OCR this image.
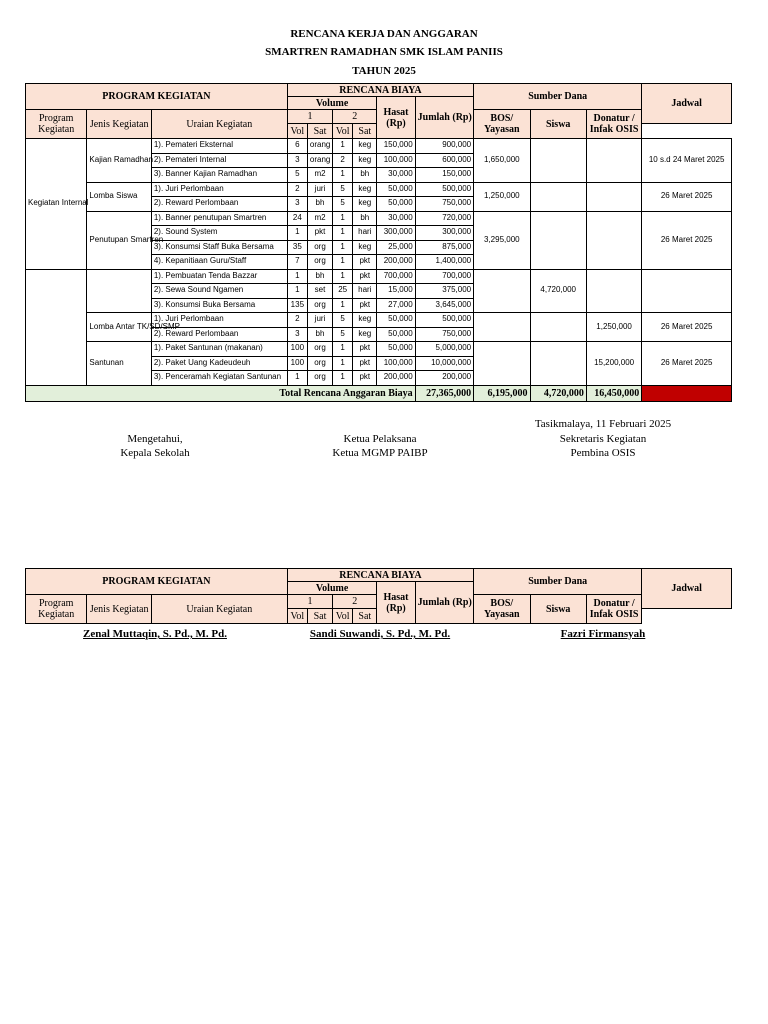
RENCANA KERJA DAN ANGGARAN
SMARTREN RAMADHAN SMK ISLAM PANIIS
TAHUN 2025
PROGRAM KEGIATAN			RENCANA BIAYA						Sumber Dana			Jadwal
			Volume				Hasat (Rp)	Jumlah (Rp)				
Program Kegiatan	Jenis Kegiatan	Uraian Kegiatan	1		2				BOS/ Yayasan	Siswa	Donatur / Infak OSIS	
			Vol	Sat	Vol	Sat						
Kegiatan Internal	Kajian Ramadhan	1). Pemateri Eksternal	6	orang	1	keg	150,000	900,000	1,650,000			10 s.d 24 Maret 2025
		2). Pemateri Internal	3	orang	2	keg	100,000	600,000				
		3). Banner Kajian Ramadhan	5	m2	1	bh	30,000	150,000				
	Lomba Siswa	1). Juri Perlombaan	2	juri	5	keg	50,000	500,000	1,250,000			26 Maret 2025
		2). Reward Perlombaan	3	bh	5	keg	50,000	750,000				
	Penutupan Smartren	1). Banner penutupan Smartren	24	m2	1	bh	30,000	720,000	3,295,000			26 Maret 2025
		2). Sound System	1	pkt	1	hari	300,000	300,000				
		3). Konsumsi Staff Buka Bersama	35	org	1	keg	25,000	875,000				
		4). Kepanitiaan Guru/Staff	7	org	1	pkt	200,000	1,400,000				
		1). Pembuatan Tenda Bazzar	1	bh	1	pkt	700,000	700,000		4,720,000		
		2). Sewa Sound Ngamen	1	set	25	hari	15,000	375,000				
		3). Konsumsi Buka Bersama	135	org	1	pkt	27,000	3,645,000				
	Lomba Antar TK/SD/SMP	1). Juri Perlombaan	2	juri	5	keg	50,000	500,000			1,250,000	26 Maret 2025
		2). Reward Perlombaan	3	bh	5	keg	50,000	750,000				
	Santunan	1). Paket Santunan (makanan)	100	org	1	pkt	50,000	5,000,000			15,200,000	26 Maret 2025
		2). Paket Uang Kadeudeuh	100	org	1	pkt	100,000	10,000,000				
		3). Penceramah Kegiatan Santunan	1	org	1	pkt	200,000	200,000				
Total Rencana Anggaran Biaya								27,365,000	6,195,000	4,720,000	16,450,000	
Tasikmalaya, 11 Februari 2025
Mengetahui,
Kepala Sekolah
Ketua Pelaksana
Ketua MGMP PAIBP
Sekretaris Kegiatan
Pembina OSIS
PROGRAM KEGIATAN			RENCANA BIAYA						Sumber Dana			Jadwal
			Volume				Hasat (Rp)	Jumlah (Rp)				
Program Kegiatan	Jenis Kegiatan	Uraian Kegiatan	1		2				BOS/ Yayasan	Siswa	Donatur / Infak OSIS	
			Vol	Sat	Vol	Sat						
Zenal Muttaqin, S. Pd., M. Pd.	Sandi Suwandi, S. Pd., M. Pd.	Fazri Firmansyah
